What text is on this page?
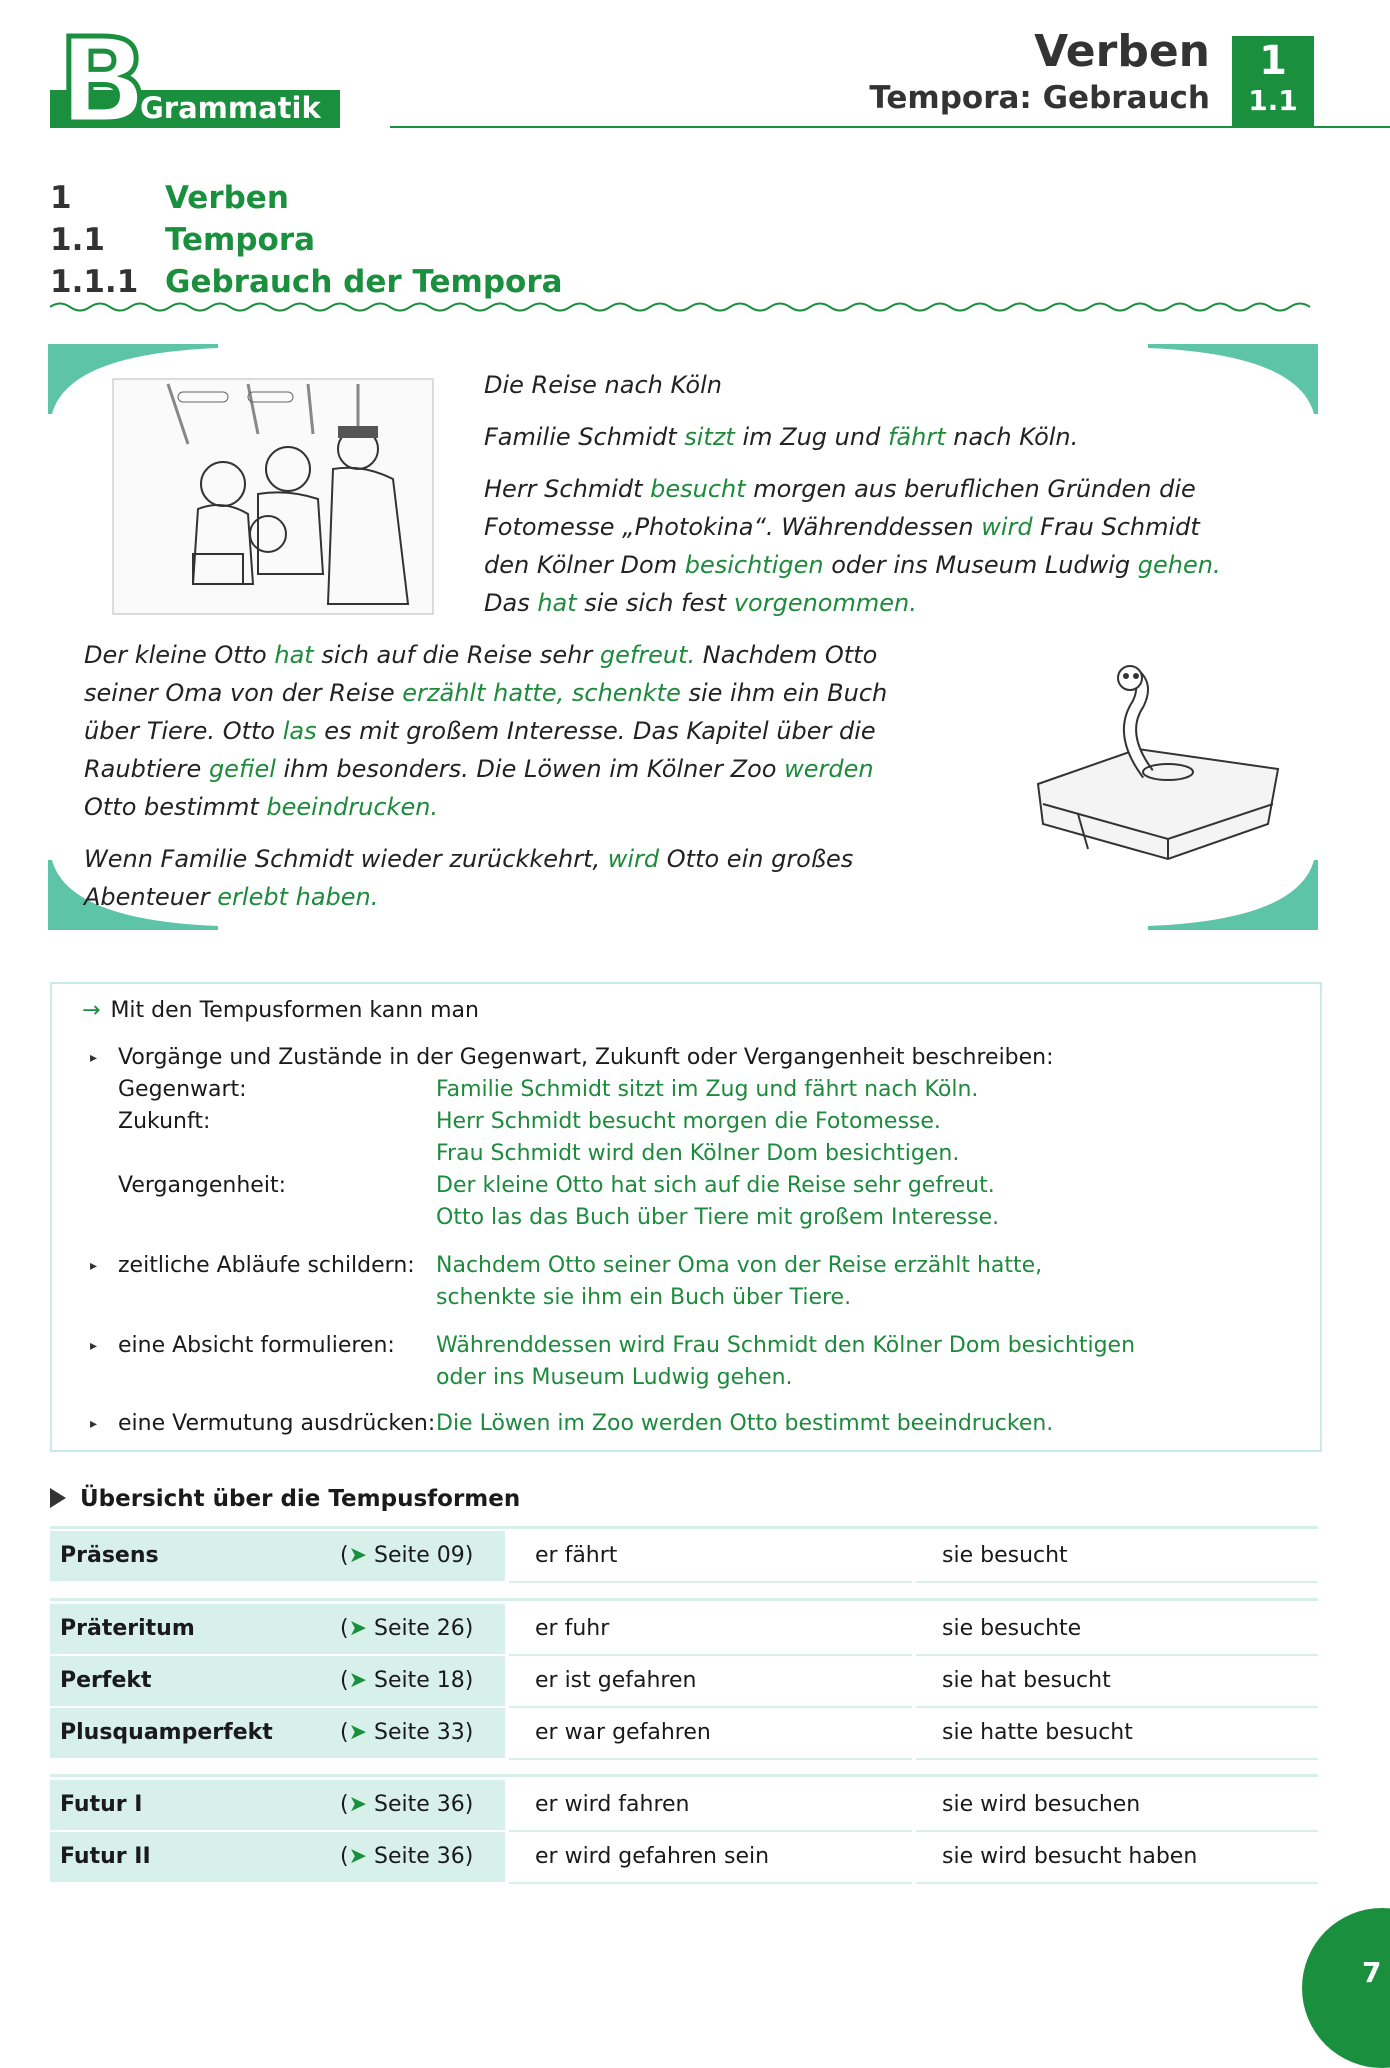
B
Grammatik
Verben
Tempora: Gebrauch
1
1.1
1	Verben
1.1 Tempora
1.1.1 Gebrauch der Tempora
Die Reise nach Köln
Familie Schmidt sitzt im Zug und fährt nach Köln.
Herr Schmidt besucht morgen aus beruflichen Gründen die
Fotomesse „Photokina“. Währenddessen wird Frau Schmidt
den Kölner Dom besichtigen oder ins Museum Ludwig gehen.
Das hat sie sich fest vorgenommen.
Der kleine Otto hat sich auf die Reise sehr gefreut. Nachdem Otto
seiner Oma von der Reise erzählt hatte, schenkte sie ihm ein Buch
über Tiere. Otto las es mit großem Interesse. Das Kapitel über die
Raubtiere gefiel ihm besonders. Die Löwen im Kölner Zoo werden
Otto bestimmt beeindrucken.
Wenn Familie Schmidt wieder zurückkehrt, wird Otto ein großes
Abenteuer erlebt haben.
→ Mit den Tempusformen kann man
▸ Vorgänge und Zustände in der Gegenwart, Zukunft oder Vergangenheit beschreiben:
Gegenwart:	Familie Schmidt sitzt im Zug und fährt nach Köln.
Zukunft:	Herr Schmidt besucht morgen die Fotomesse.
Frau Schmidt wird den Kölner Dom besichtigen.
Vergangenheit:	Der kleine Otto hat sich auf die Reise sehr gefreut.
Otto las das Buch über Tiere mit großem Interesse.
▸ zeitliche Abläufe schildern: Nachdem Otto seiner Oma von der Reise erzählt hatte,
schenkte sie ihm ein Buch über Tiere.
▸ eine Absicht formulieren: Währenddessen wird Frau Schmidt den Kölner Dom besichtigen
oder ins Museum Ludwig gehen.
▸ eine Vermutung ausdrücken: Die Löwen im Zoo werden Otto bestimmt beeindrucken.
Übersicht über die Tempusformen
Präsens	(➤ Seite 09)	er fährt	sie besucht
Präteritum	(➤ Seite 26)	er fuhr	sie besuchte
Perfekt	(➤ Seite 18)	er ist gefahren	sie hat besucht
Plusquamperfekt	(➤ Seite 33)	er war gefahren	sie hatte besucht
Futur I	(➤ Seite 36)	er wird fahren	sie wird besuchen
Futur II	(➤ Seite 36)	er wird gefahren sein	sie wird besucht haben
7
